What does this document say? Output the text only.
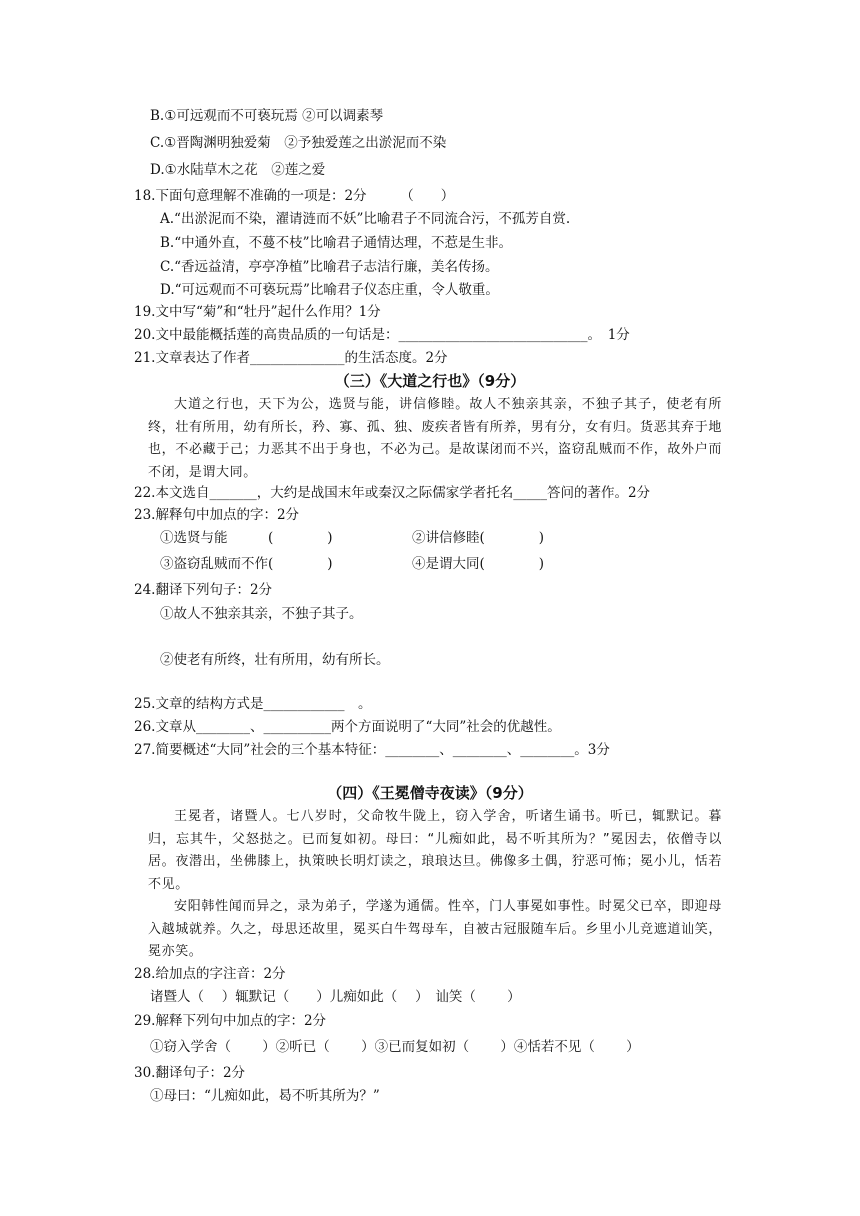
B.①可远观而不可亵玩焉 ②可以调素琴
C.①晋陶渊明独爱菊　②予独爱莲之出淤泥而不染
D.①水陆草木之花　②莲之爱
18.下面句意理解不准确的一项是：2分　　　（　　）
A.“出淤泥而不染，濯请涟而不妖”比喻君子不同流合污，不孤芳自赏.
B.“中通外直，不蔓不枝”比喻君子通情达理，不惹是生非。
C.“香远益清，亭亭净植”比喻君子志洁行廉，美名传扬。
D.“可远观而不可亵玩焉”比喻君子仪态庄重，令人敬重。
19.文中写“菊”和“牡丹”起什么作用？1分
20.文中最能概括莲的高贵品质的一句话是：____________________________。　1分
21.文章表达了作者______________的生活态度。2分
（三）《大道之行也》（9分）

大道之行也，天下为公，选贤与能，讲信修睦。故人不独亲其亲，不独子其子，使老有所终，壮有所用，幼有所长，矜、寡、孤、独、废疾者皆有所养，男有分，女有归。货恶其弃于地也，不必藏于己；力恶其不出于身也，不必为己。是故谋闭而不兴，盗窃乱贼而不作，故外户而不闭，是谓大同。

22.本文选自_______，大约是战国末年或秦汉之际儒家学者托名_____答问的著作。2分
23.解释句中加点的字：2分
①选贤与能　　　(　　　　)	②讲信修睦(　　　　)
③盗窃乱贼而不作(　　　　)	④是谓大同(　　　　)
24.翻译下列句子：2分
①故人不独亲其亲，不独子其子。
②使老有所终，壮有所用，幼有所长。
25.文章的结构方式是____________　。
26.文章从________、__________两个方面说明了“大同”社会的优越性。
27.简要概述“大同”社会的三个基本特征：________、________、________。3分
（四）《王冕僧寺夜读》（9分）

王冕者，诸暨人。七八岁时，父命牧牛陇上，窃入学舍，听诸生诵书。听已，辄默记。暮归，忘其牛，父怒挞之。已而复如初。母曰：“儿痴如此，曷不听其所为？”冕因去，依僧寺以居。夜潜出，坐佛膝上，执策映长明灯读之，琅琅达旦。佛像多土偶，狞恶可怖；冕小儿，恬若不见。

安阳韩性闻而异之，录为弟子，学遂为通儒。性卒，门人事冕如事性。时冕父已卒，即迎母入越城就养。久之，母思还故里，冕买白牛驾母车，自被古冠服随车后。乡里小儿竞遮道讪笑，冕亦笑。

28.给加点的字注音：2分
诸暨人（　 ）辄默记（　　）儿痴如此（　 ）　讪笑（　　 ）
29.解释下列句中加点的字：2分
①窃入学舍（　　 ）②听已（　　 ）③已而复如初（　　 ）④恬若不见（　　 ）
30.翻译句子：2分
①母曰：“儿痴如此，曷不听其所为？”
